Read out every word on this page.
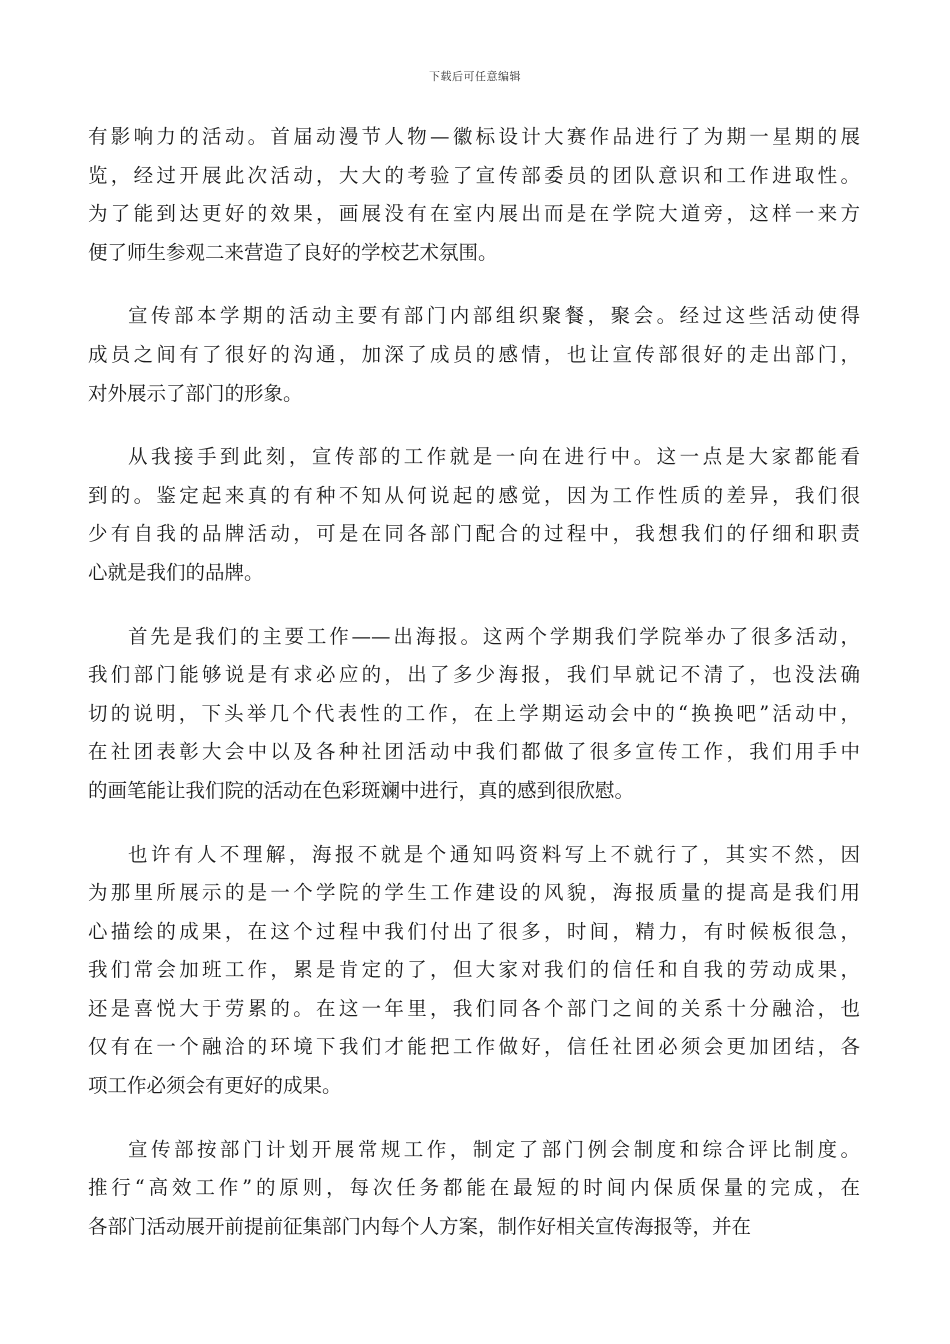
下载后可任意编辑

有影响力的活动。首届动漫节人物—徽标设计大赛作品进行了为期一星期的展
览，经过开展此次活动，大大的考验了宣传部委员的团队意识和工作进取性。
为了能到达更好的效果，画展没有在室内展出而是在学院大道旁，这样一来方
便了师生参观二来营造了良好的学校艺术氛围。

宣传部本学期的活动主要有部门内部组织聚餐，聚会。经过这些活动使得
成员之间有了很好的沟通，加深了成员的感情，也让宣传部很好的走出部门，
对外展示了部门的形象。

从我接手到此刻，宣传部的工作就是一向在进行中。这一点是大家都能看
到的。鉴定起来真的有种不知从何说起的感觉，因为工作性质的差异，我们很
少有自我的品牌活动，可是在同各部门配合的过程中，我想我们的仔细和职责
心就是我们的品牌。

首先是我们的主要工作——出海报。这两个学期我们学院举办了很多活动，
我们部门能够说是有求必应的，出了多少海报，我们早就记不清了，也没法确
切的说明，下头举几个代表性的工作，在上学期运动会中的“换换吧”活动中，
在社团表彰大会中以及各种社团活动中我们都做了很多宣传工作，我们用手中
的画笔能让我们院的活动在色彩斑斓中进行，真的感到很欣慰。

也许有人不理解，海报不就是个通知吗资料写上不就行了，其实不然，因
为那里所展示的是一个学院的学生工作建设的风貌，海报质量的提高是我们用
心描绘的成果，在这个过程中我们付出了很多，时间，精力，有时候板很急，
我们常会加班工作，累是肯定的了，但大家对我们的信任和自我的劳动成果，
还是喜悦大于劳累的。在这一年里，我们同各个部门之间的关系十分融洽，也
仅有在一个融洽的环境下我们才能把工作做好，信任社团必须会更加团结，各
项工作必须会有更好的成果。

宣传部按部门计划开展常规工作，制定了部门例会制度和综合评比制度。
推行“高效工作”的原则，每次任务都能在最短的时间内保质保量的完成，在
各部门活动展开前提前征集部门内每个人方案，制作好相关宣传海报等，并在
